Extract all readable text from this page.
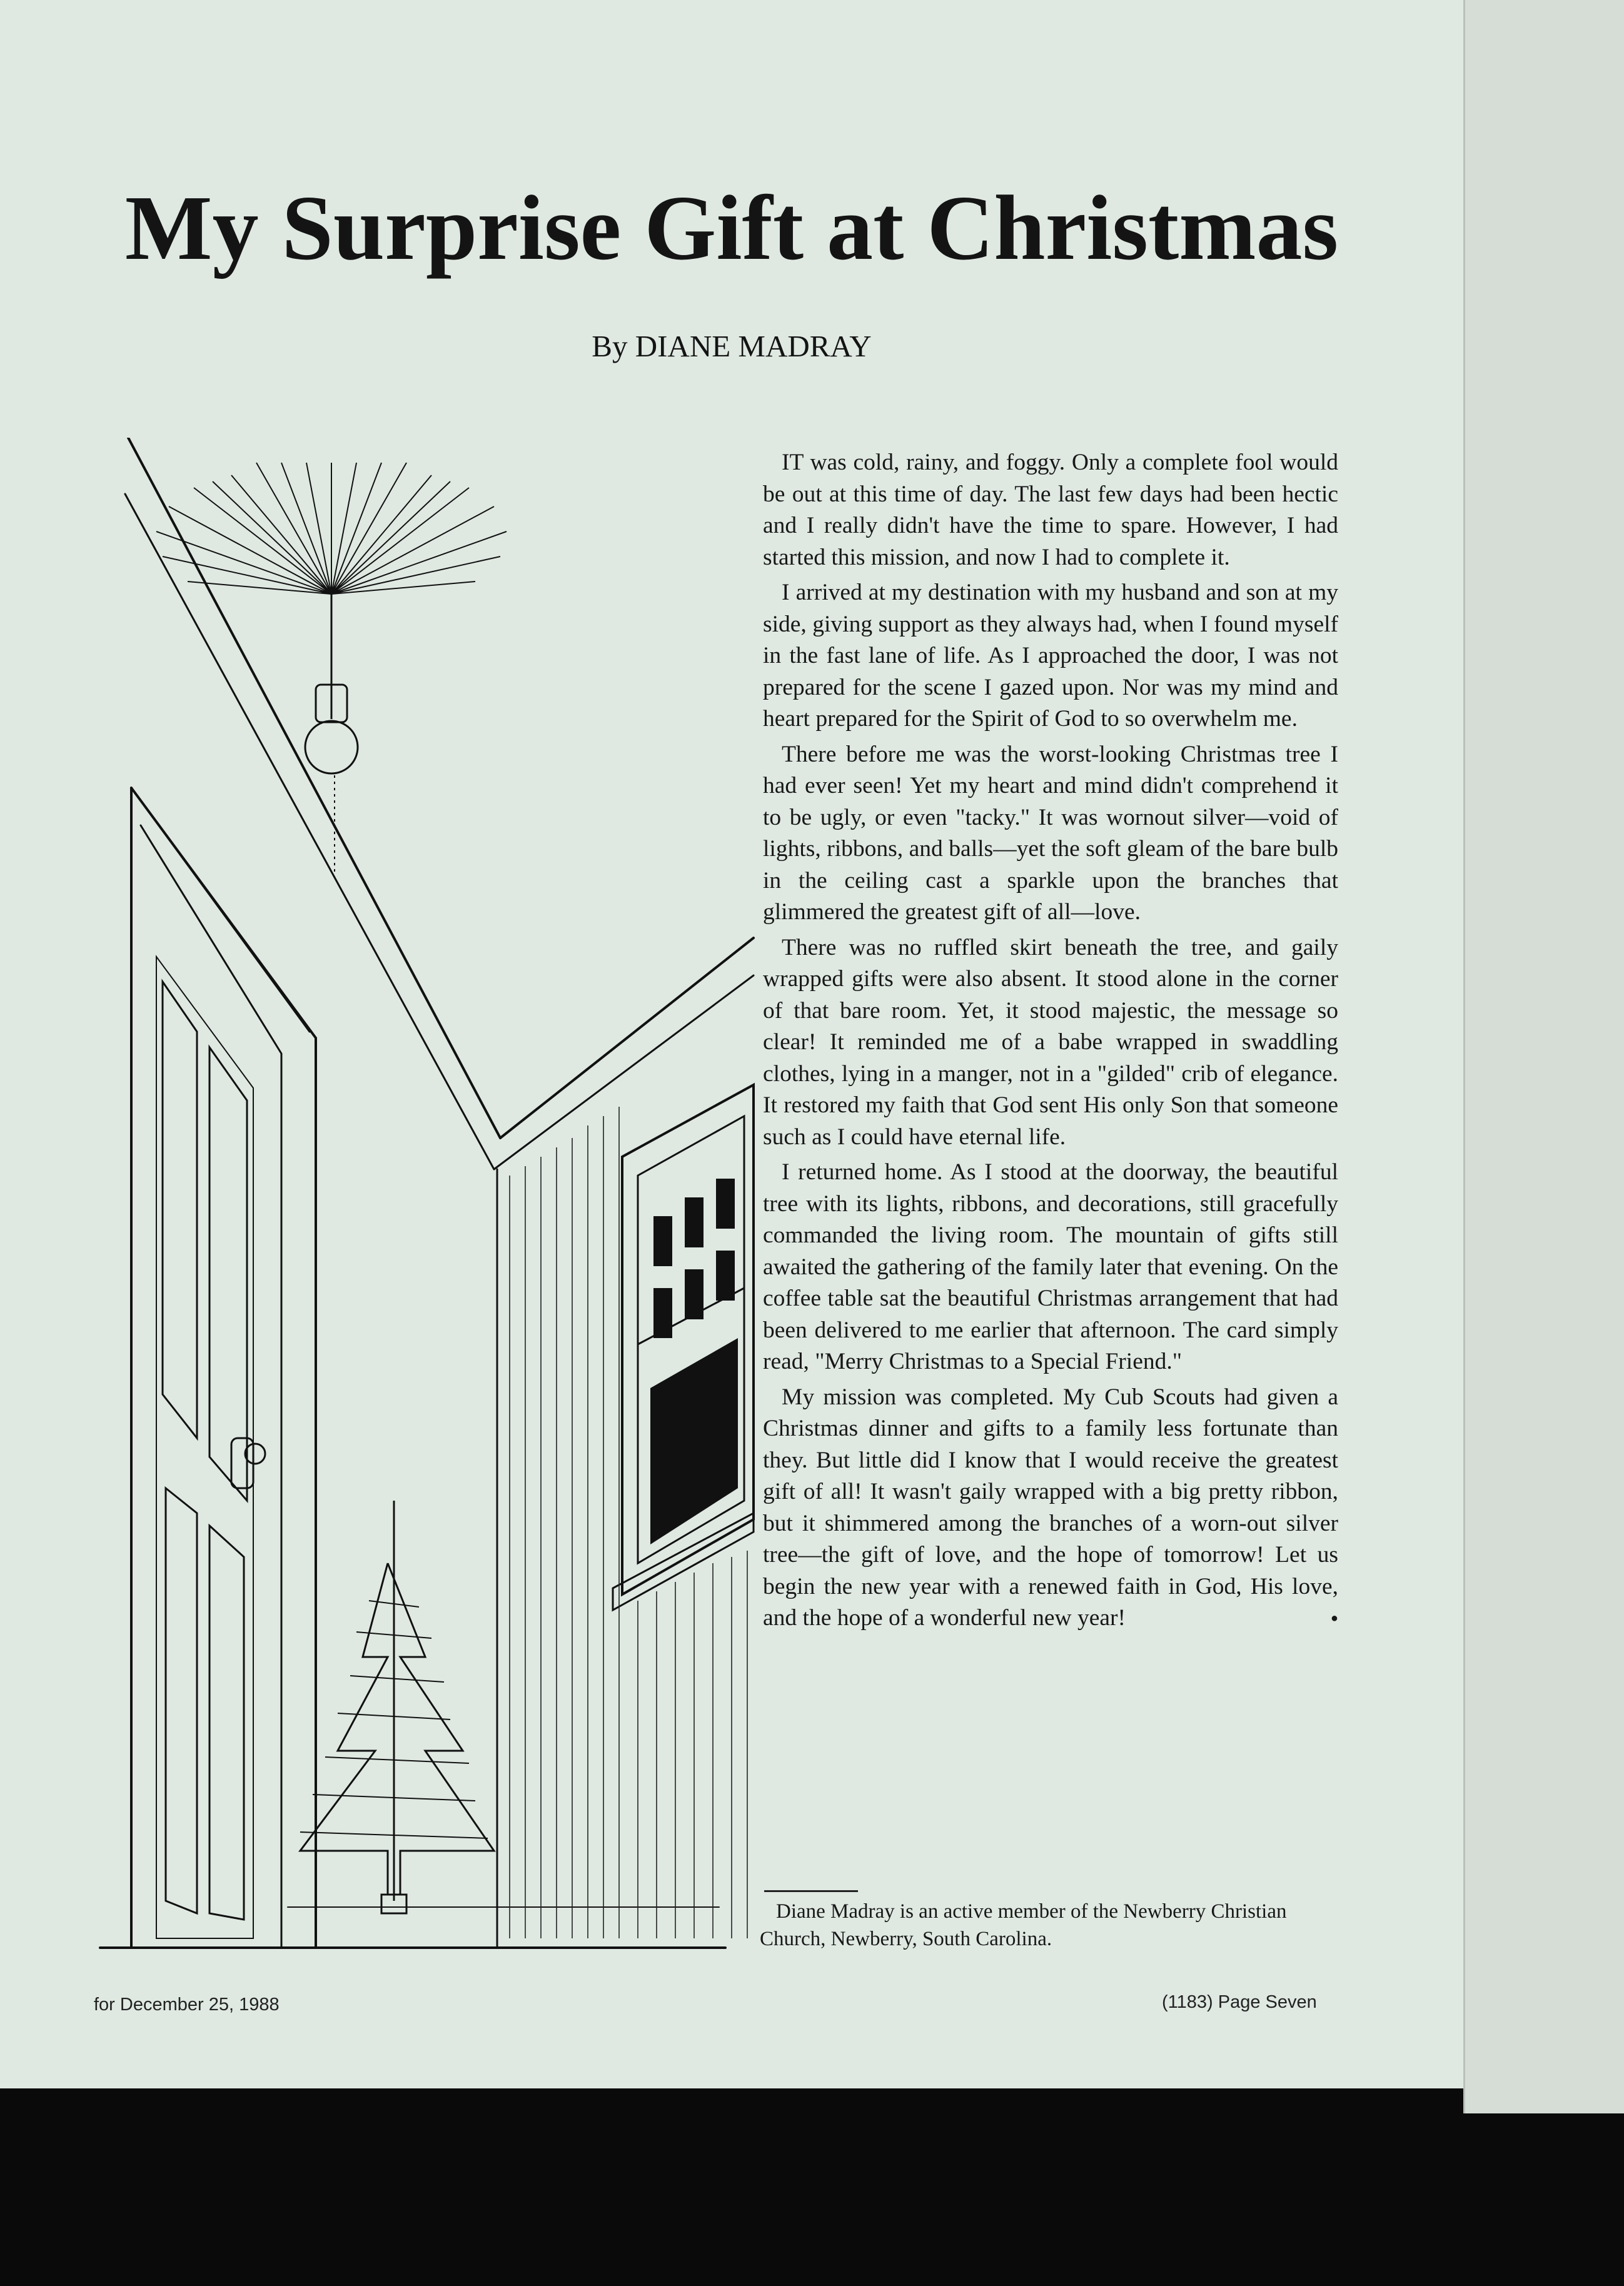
My Surprise Gift at Christmas
By DIANE MADRAY

IT was cold, rainy, and foggy. Only a complete fool would be out at this time of day. The last few days had been hectic and I really didn't have the time to spare. However, I had started this mission, and now I had to complete it.

I arrived at my destination with my husband and son at my side, giving support as they always had, when I found myself in the fast lane of life. As I approached the door, I was not prepared for the scene I gazed upon. Nor was my mind and heart prepared for the Spirit of God to so overwhelm me.

There before me was the worst-looking Christmas tree I had ever seen! Yet my heart and mind didn't comprehend it to be ugly, or even "tacky." It was wornout silver—void of lights, ribbons, and balls—yet the soft gleam of the bare bulb in the ceiling cast a sparkle upon the branches that glimmered the greatest gift of all—love.

There was no ruffled skirt beneath the tree, and gaily wrapped gifts were also absent. It stood alone in the corner of that bare room. Yet, it stood majestic, the message so clear! It reminded me of a babe wrapped in swaddling clothes, lying in a manger, not in a "gilded" crib of elegance. It restored my faith that God sent His only Son that someone such as I could have eternal life.

I returned home. As I stood at the doorway, the beautiful tree with its lights, ribbons, and decorations, still gracefully commanded the living room. The mountain of gifts still awaited the gathering of the family later that evening. On the coffee table sat the beautiful Christmas arrangement that had been delivered to me earlier that afternoon. The card simply read, "Merry Christmas to a Special Friend."

My mission was completed. My Cub Scouts had given a Christmas dinner and gifts to a family less fortunate than they. But little did I know that I would receive the greatest gift of all! It wasn't gaily wrapped with a big pretty ribbon, but it shimmered among the branches of a worn-out silver tree—the gift of love, and the hope of tomorrow! Let us begin the new year with a renewed faith in God, His love, and the hope of a wonderful new year! ●

Diane Madray is an active member of the Newberry Christian Church, Newberry, South Carolina.
for December 25, 1988	(1183) Page Seven
